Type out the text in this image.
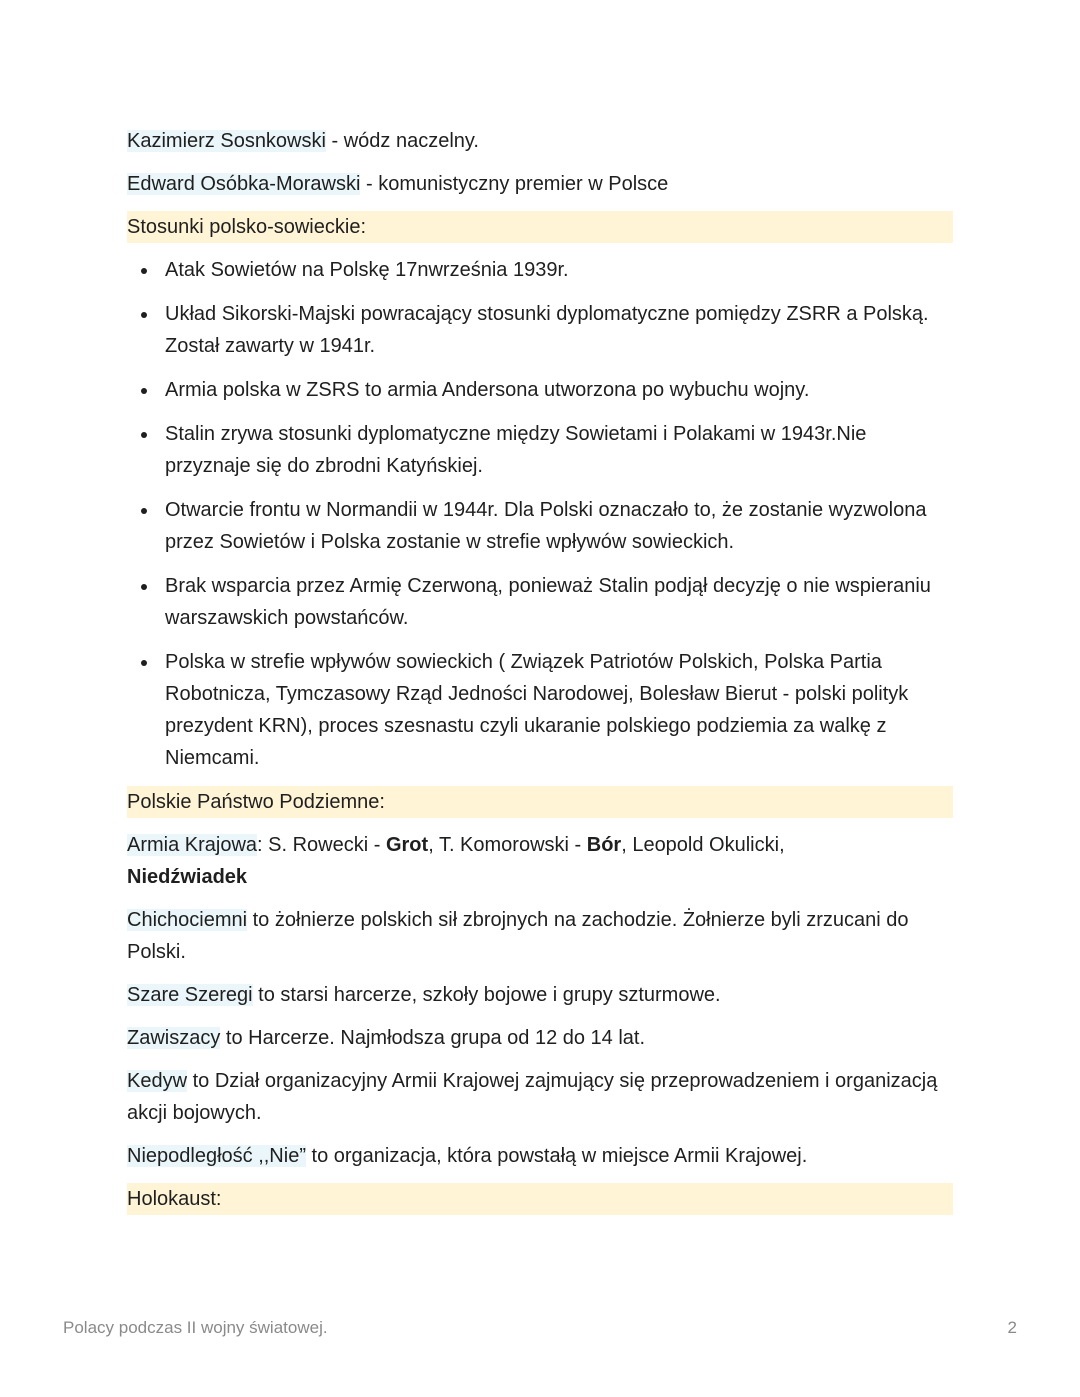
Kazimierz Sosnkowski - wódz naczelny.

Edward Osóbka-Morawski - komunistyczny premier w Polsce

Stosunki polsko-sowieckie:
Atak Sowietów na Polskę 17nwrześnia 1939r.
Układ Sikorski-Majski powracający stosunki dyplomatyczne pomiędzy ZSRR a Polską. Został zawarty w 1941r.
Armia polska w ZSRS to armia Andersona utworzona po wybuchu wojny.
Stalin zrywa stosunki dyplomatyczne między Sowietami i Polakami w 1943r.Nie przyznaje się do zbrodni Katyńskiej.
Otwarcie frontu w Normandii w 1944r. Dla Polski oznaczało to, że zostanie wyzwolona przez Sowietów i Polska zostanie w strefie wpływów sowieckich.
Brak wsparcia przez Armię Czerwoną, ponieważ Stalin podjął decyzję o nie wspieraniu warszawskich powstańców.
Polska w strefie wpływów sowieckich ( Związek Patriotów Polskich, Polska Partia Robotnicza, Tymczasowy Rząd Jedności Narodowej, Bolesław Bierut - polski polityk prezydent KRN), proces szesnastu czyli ukaranie polskiego podziemia za walkę z Niemcami.
Polskie Państwo Podziemne:

Armia Krajowa: S. Rowecki - Grot, T. Komorowski - Bór, Leopold Okulicki,
Niedźwiadek

Chichociemni to żołnierze polskich sił zbrojnych na zachodzie. Żołnierze byli zrzucani do Polski.

Szare Szeregi to starsi harcerze, szkoły bojowe i grupy szturmowe.

Zawiszacy to Harcerze. Najmłodsza grupa od 12 do 14 lat.

Kedyw to Dział organizacyjny Armii Krajowej zajmujący się przeprowadzeniem i organizacją akcji bojowych.

Niepodległość ,,Nie” to organizacja, która powstałą w miejsce Armii Krajowej.

Holokaust:
Polacy podczas II wojny światowej.	2
